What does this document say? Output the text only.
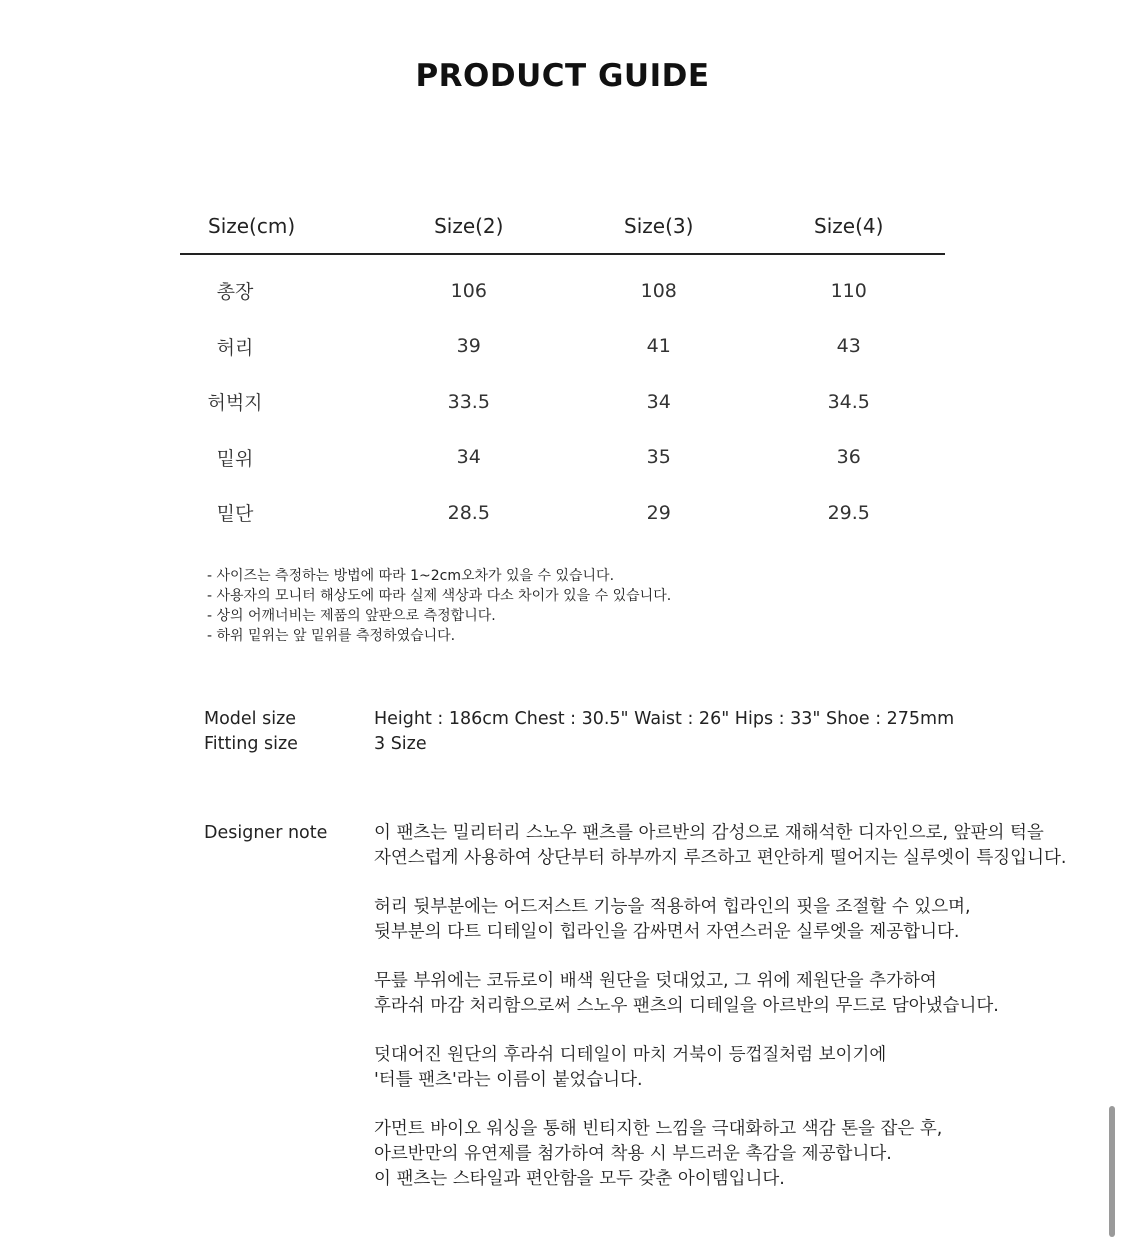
PRODUCT GUIDE
Size(cm)	Size(2)	Size(3)	Size(4)
총장	106	108	110
허리	39	41	43
허벅지	33.5	34	34.5
밑위	34	35	36
밑단	28.5	29	29.5
- 사이즈는 측정하는 방법에 따라 1~2cm오차가 있을 수 있습니다.
- 사용자의 모니터 해상도에 따라 실제 색상과 다소 차이가 있을 수 있습니다.
- 상의 어깨너비는 제품의 앞판으로 측정합니다.
- 하위 밑위는 앞 밑위를 측정하였습니다.
Model size	Height : 186cm Chest : 30.5" Waist : 26" Hips : 33" Shoe : 275mm
Fitting size	3 Size
Designer note	이 팬츠는 밀리터리 스노우 팬츠를 아르반의 감성으로 재해석한 디자인으로, 앞판의 턱을
자연스럽게 사용하여 상단부터 하부까지 루즈하고 편안하게 떨어지는 실루엣이 특징입니다.
허리 뒷부분에는 어드저스트 기능을 적용하여 힙라인의 핏을 조절할 수 있으며,
뒷부분의 다트 디테일이 힙라인을 감싸면서 자연스러운 실루엣을 제공합니다.
무릎 부위에는 코듀로이 배색 원단을 덧대었고, 그 위에 제원단을 추가하여
후라쉬 마감 처리함으로써 스노우 팬츠의 디테일을 아르반의 무드로 담아냈습니다.
덧대어진 원단의 후라쉬 디테일이 마치 거북이 등껍질처럼 보이기에
'터틀 팬츠'라는 이름이 붙었습니다.
가먼트 바이오 워싱을 통해 빈티지한 느낌을 극대화하고 색감 톤을 잡은 후,
아르반만의 유연제를 첨가하여 착용 시 부드러운 촉감을 제공합니다.
이 팬츠는 스타일과 편안함을 모두 갖춘 아이템입니다.
